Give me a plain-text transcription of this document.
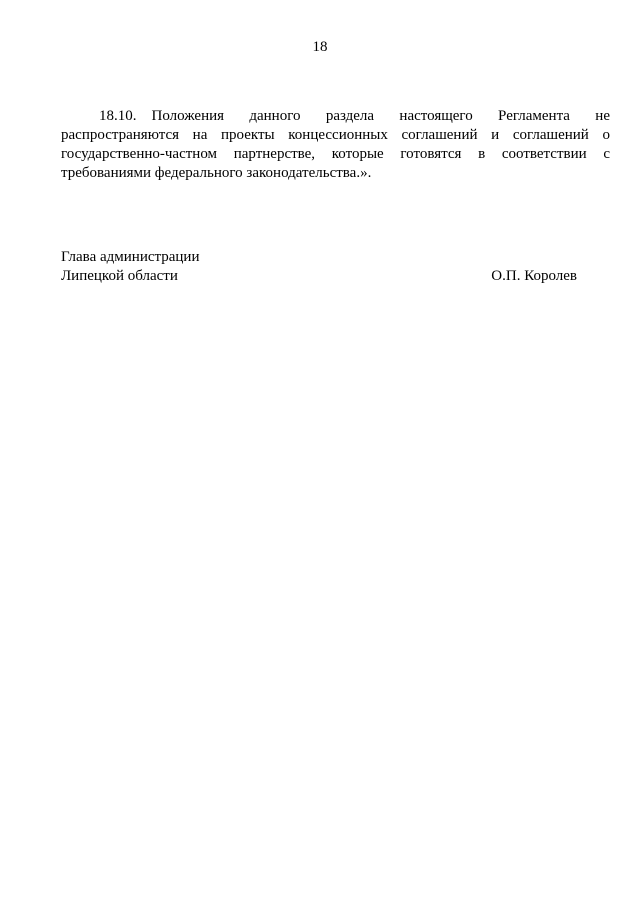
18

18.10. Положения данного раздела настоящего Регламента не распространяются на проекты концессионных соглашений и соглашений о государственно-частном партнерстве, которые готовятся в соответствии с требованиями федерального законодательства.».

Глава администрации
Липецкой области	О.П. Королев
